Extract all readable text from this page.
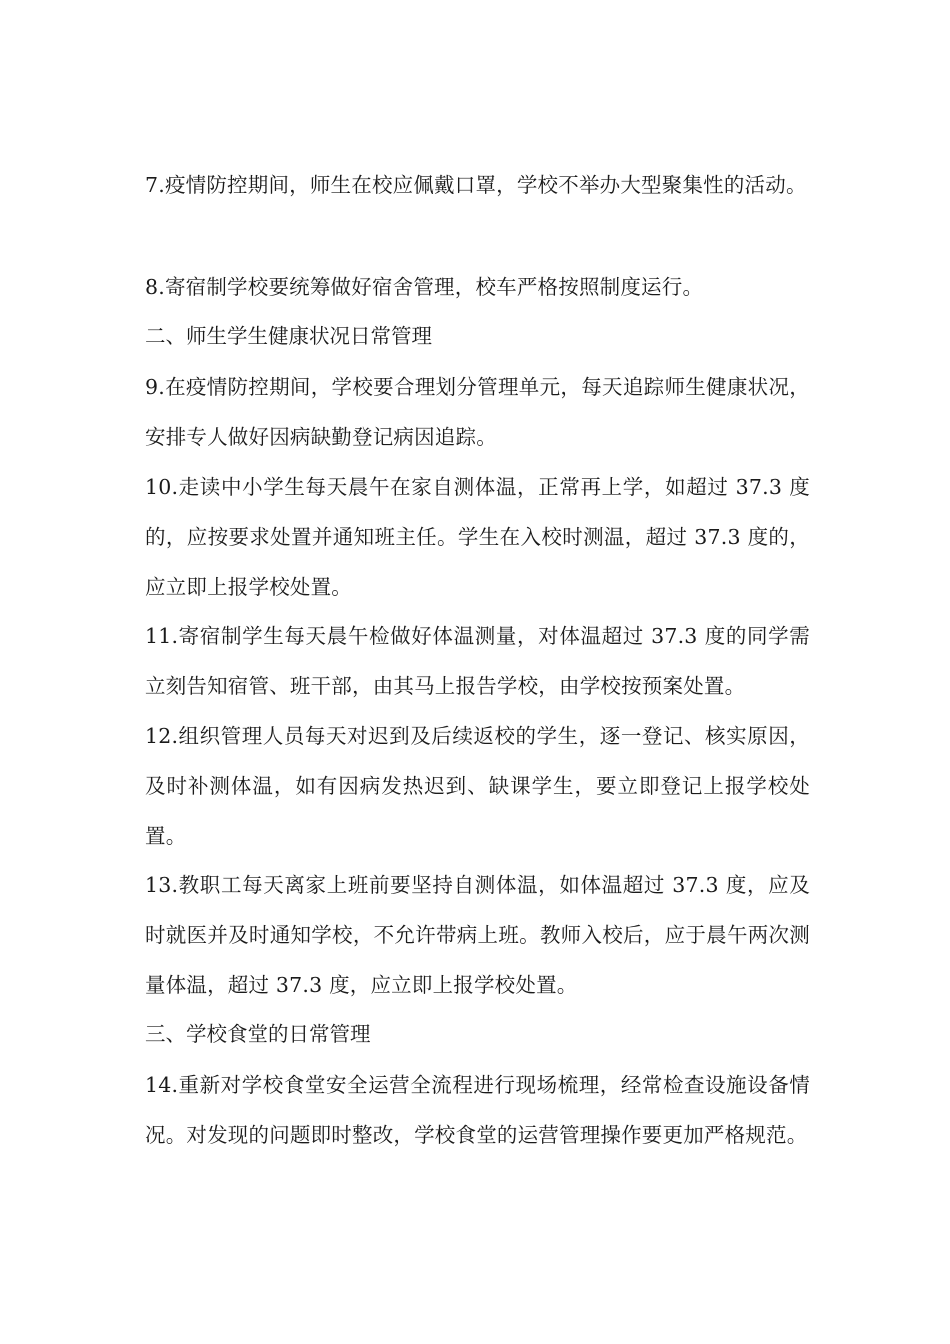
7.疫情防控期间，师生在校应佩戴口罩，学校不举办大型聚集性的活动。

8.寄宿制学校要统筹做好宿舍管理，校车严格按照制度运行。

二、师生学生健康状况日常管理

9.在疫情防控期间，学校要合理划分管理单元，每天追踪师生健康状况，安排专人做好因病缺勤登记病因追踪。

10.走读中小学生每天晨午在家自测体温，正常再上学，如超过 37.3 度的，应按要求处置并通知班主任。学生在入校时测温，超过 37.3 度的，应立即上报学校处置。

11.寄宿制学生每天晨午检做好体温测量，对体温超过 37.3 度的同学需立刻告知宿管、班干部，由其马上报告学校，由学校按预案处置。

12.组织管理人员每天对迟到及后续返校的学生，逐一登记、核实原因，及时补测体温，如有因病发热迟到、缺课学生，要立即登记上报学校处置。

13.教职工每天离家上班前要坚持自测体温，如体温超过 37.3 度，应及时就医并及时通知学校，不允许带病上班。教师入校后，应于晨午两次测量体温，超过 37.3 度，应立即上报学校处置。

三、学校食堂的日常管理

14.重新对学校食堂安全运营全流程进行现场梳理，经常检查设施设备情况。对发现的问题即时整改，学校食堂的运营管理操作要更加严格规范。
